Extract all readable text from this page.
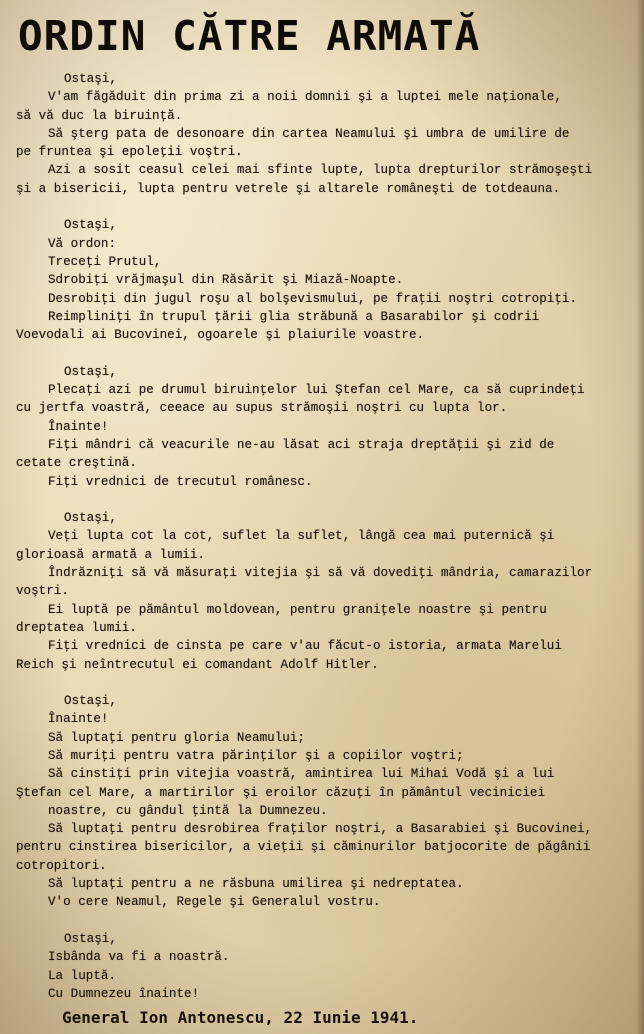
ORDIN CĂTRE ARMATĂ
Ostaşi,
V'am făgăduit din prima zi a noii domnii şi a luptei mele naţionale,
să vă duc la biruinţă.
Să şterg pata de desonoare din cartea Neamului şi umbra de umilire de
pe fruntea şi epoleţii voştri.
Azi a sosit ceasul celei mai sfinte lupte, lupta drepturilor strămoşeşti
şi a bisericii, lupta pentru vetrele şi altarele româneşti de totdeauna.
Ostaşi,
Vă ordon:
Treceţi Prutul,
Sdrobiţi vrăjmaşul din Răsărit şi Miază-Noapte.
Desrobiţi din jugul roşu al bolşevismului, pe fraţii noştri cotropiţi.
Reimpliniţi în trupul ţării glia străbună a Basarabilor şi codrii
Voevodali ai Bucovinei, ogoarele şi plaiurile voastre.
Ostaşi,
Plecaţi azi pe drumul biruinţelor lui Ştefan cel Mare, ca să cuprindeţi
cu jertfa voastră, ceeace au supus strămoşii noştri cu lupta lor.
Înainte!
Fiţi mândri că veacurile ne-au lăsat aci straja dreptăţii şi zid de
cetate creştină.
Fiţi vrednici de trecutul românesc.
Ostaşi,
Veţi lupta cot la cot, suflet la suflet, lângă cea mai puternică şi
glorioasă armată a lumii.
Îndrăzniţi să vă măsuraţi vitejia şi să vă dovediţi mândria, camarazilor
voştri.
Ei luptă pe pământul moldovean, pentru graniţele noastre şi pentru
dreptatea lumii.
Fiţi vrednici de cinsta pe care v'au făcut-o istoria, armata Marelui
Reich şi neîntrecutul ei comandant Adolf Hitler.
Ostaşi,
Înainte!
Să luptaţi pentru gloria Neamului;
Să muriţi pentru vatra părinţilor şi a copiilor voştri;
Să cinstiţi prin vitejia voastră, amintirea lui Mihai Vodă şi a lui
Ştefan cel Mare, a martirilor şi eroilor căzuţi în pământul veciniciei
noastre, cu gândul ţintă la Dumnezeu.
Să luptaţi pentru desrobirea fraţilor noştri, a Basarabiei şi Bucovinei,
pentru cinstirea bisericilor, a vieţii şi căminurilor batjocorite de păgânii
cotropitori.
Să luptaţi pentru a ne răsbuna umilirea şi nedreptatea.
V'o cere Neamul, Regele şi Generalul vostru.
Ostaşi,
Isbânda va fi a noastră.
La luptă.
Cu Dumnezeu înainte!
General Ion Antonescu, 22 Iunie 1941.
